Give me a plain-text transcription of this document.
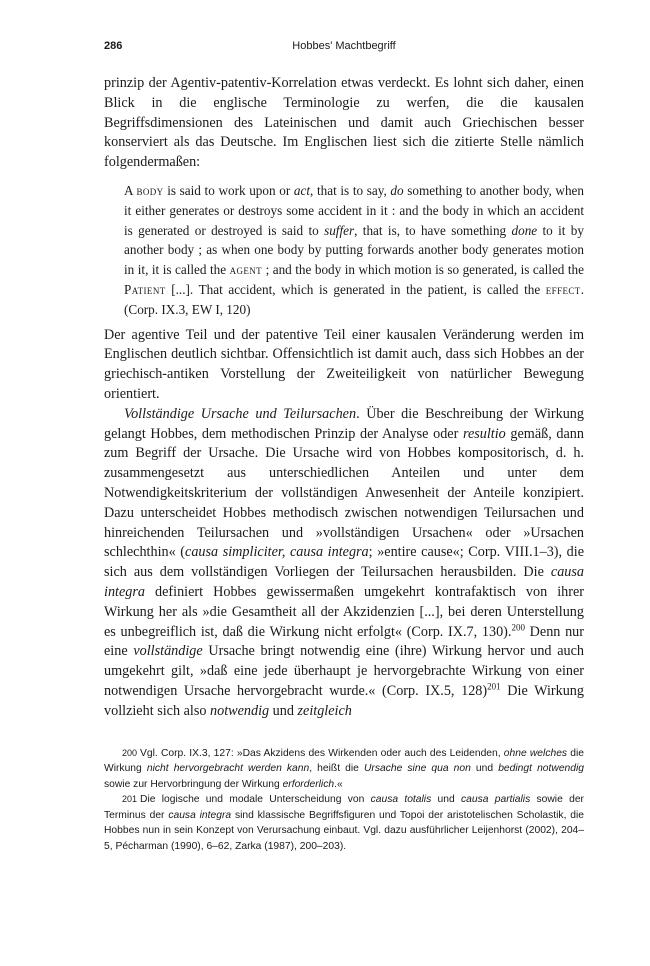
286	Hobbes' Machtbegriff

prinzip der Agentiv-patentiv-Korrelation etwas verdeckt. Es lohnt sich daher, einen Blick in die englische Terminologie zu werfen, die die kausalen Begriffsdimensionen des Lateinischen und damit auch Griechischen besser konserviert als das Deutsche. Im Englischen liest sich die zitierte Stelle nämlich folgendermaßen:

A body is said to work upon or act, that is to say, do something to another body, when it either generates or destroys some accident in it : and the body in which an accident is generated or destroyed is said to suffer, that is, to have something done to it by another body ; as when one body by putting forwards another body generates motion in it, it is called the agent ; and the body in which motion is so generated, is called the Patient [...]. That accident, which is generated in the patient, is called the effect. (Corp. IX.3, EW I, 120)

Der agentive Teil und der patentive Teil einer kausalen Veränderung werden im Englischen deutlich sichtbar. Offensichtlich ist damit auch, dass sich Hobbes an der griechisch-antiken Vorstellung der Zweiteiligkeit von natürlicher Bewegung orientiert.

Vollständige Ursache und Teilursachen. Über die Beschreibung der Wirkung gelangt Hobbes, dem methodischen Prinzip der Analyse oder resultio gemäß, dann zum Begriff der Ursache. Die Ursache wird von Hobbes kompositorisch, d. h. zusammengesetzt aus unterschiedlichen Anteilen und unter dem Notwendigkeitskriterium der vollständigen Anwesenheit der Anteile konzipiert. Dazu unterscheidet Hobbes methodisch zwischen notwendigen Teilursachen und hinreichenden Teilursachen und »vollständigen Ursachen« oder »Ursachen schlechthin« (causa simpliciter, causa integra; »entire cause«; Corp. VIII.1–3), die sich aus dem vollständigen Vorliegen der Teilursachen herausbilden. Die causa integra definiert Hobbes gewissermaßen umgekehrt kontrafaktisch von ihrer Wirkung her als »die Gesamtheit all der Akzidenzien [...], bei deren Unterstellung es unbegreiflich ist, daß die Wirkung nicht erfolgt« (Corp. IX.7, 130).$^{200}$ Denn nur eine vollständige Ursache bringt notwendig eine (ihre) Wirkung hervor und auch umgekehrt gilt, »daß eine jede überhaupt je hervorgebrachte Wirkung von einer notwendigen Ursache hervorgebracht wurde.« (Corp. IX.5, 128)$^{201}$ Die Wirkung vollzieht sich also notwendig und zeitgleich

200 Vgl. Corp. IX.3, 127: »Das Akzidens des Wirkenden oder auch des Leidenden, ohne welches die Wirkung nicht hervorgebracht werden kann, heißt die Ursache sine qua non und bedingt notwendig sowie zur Hervorbringung der Wirkung erforderlich.«

201 Die logische und modale Unterscheidung von causa totalis und causa partialis sowie der Terminus der causa integra sind klassische Begriffsfiguren und Topoi der aristotelischen Scholastik, die Hobbes nun in sein Konzept von Verursachung einbaut. Vgl. dazu ausführlicher Leijenhorst (2002), 204–5, Pécharman (1990), 6–62, Zarka (1987), 200–203).
